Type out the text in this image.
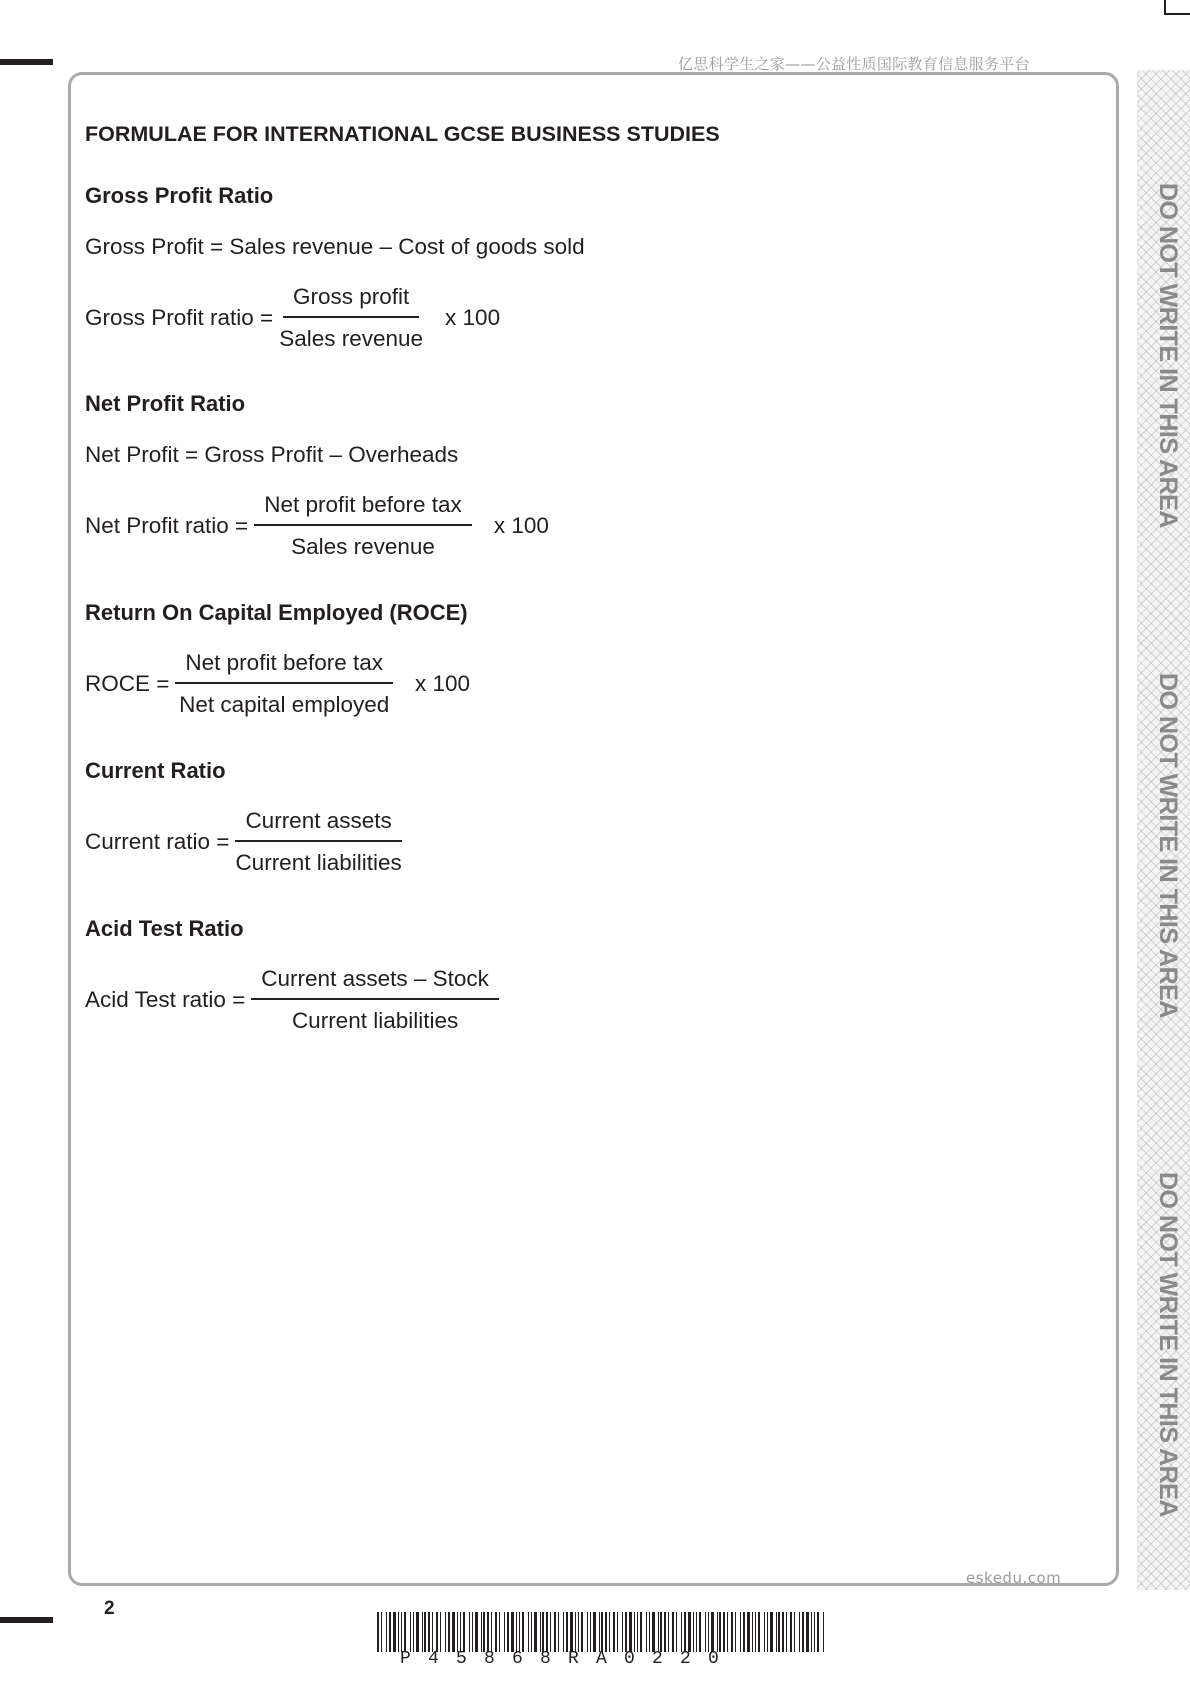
亿思科学生之家——公益性质国际教育信息服务平台
FORMULAE FOR INTERNATIONAL GCSE BUSINESS STUDIES
Gross Profit Ratio
Gross Profit = Sales revenue – Cost of goods sold
Gross Profit ratio = $\frac{\text{Gross profit}}{\text{Sales revenue}}$ x 100
Net Profit Ratio
Net Profit = Gross Profit – Overheads
Net Profit ratio = $\frac{\text{Net profit before tax}}{\text{Sales revenue}}$ x 100
Return On Capital Employed (ROCE)
ROCE = $\frac{\text{Net profit before tax}}{\text{Net capital employed}}$ x 100
Current Ratio
Current ratio = $\frac{\text{Current assets}}{\text{Current liabilities}}$
Acid Test Ratio
Acid Test ratio = $\frac{\text{Current assets – Stock}}{\text{Current liabilities}}$
DO NOT WRITE IN THIS AREA
DO NOT WRITE IN THIS AREA
DO NOT WRITE IN THIS AREA
2
eskedu.com
P45868RA0220
